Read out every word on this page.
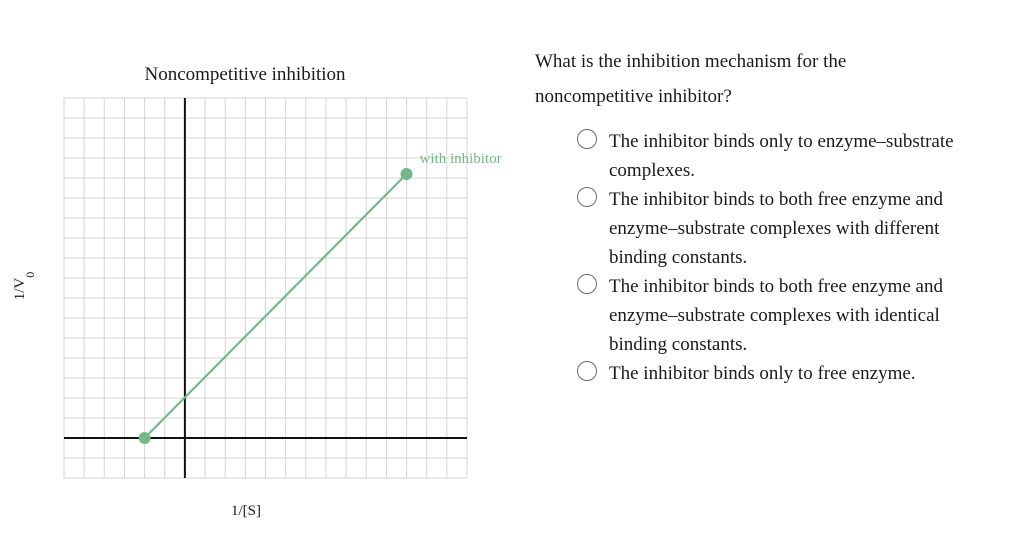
with inhibitor
Noncompetitive inhibition
1/[S]
$1/V_0$

What is the inhibition mechanism for the noncompetitive inhibitor?

The inhibitor binds only to enzyme–substrate complexes.
The inhibitor binds to both free enzyme and enzyme–substrate complexes with different binding constants.
The inhibitor binds to both free enzyme and enzyme–substrate complexes with identical binding constants.
The inhibitor binds only to free enzyme.
